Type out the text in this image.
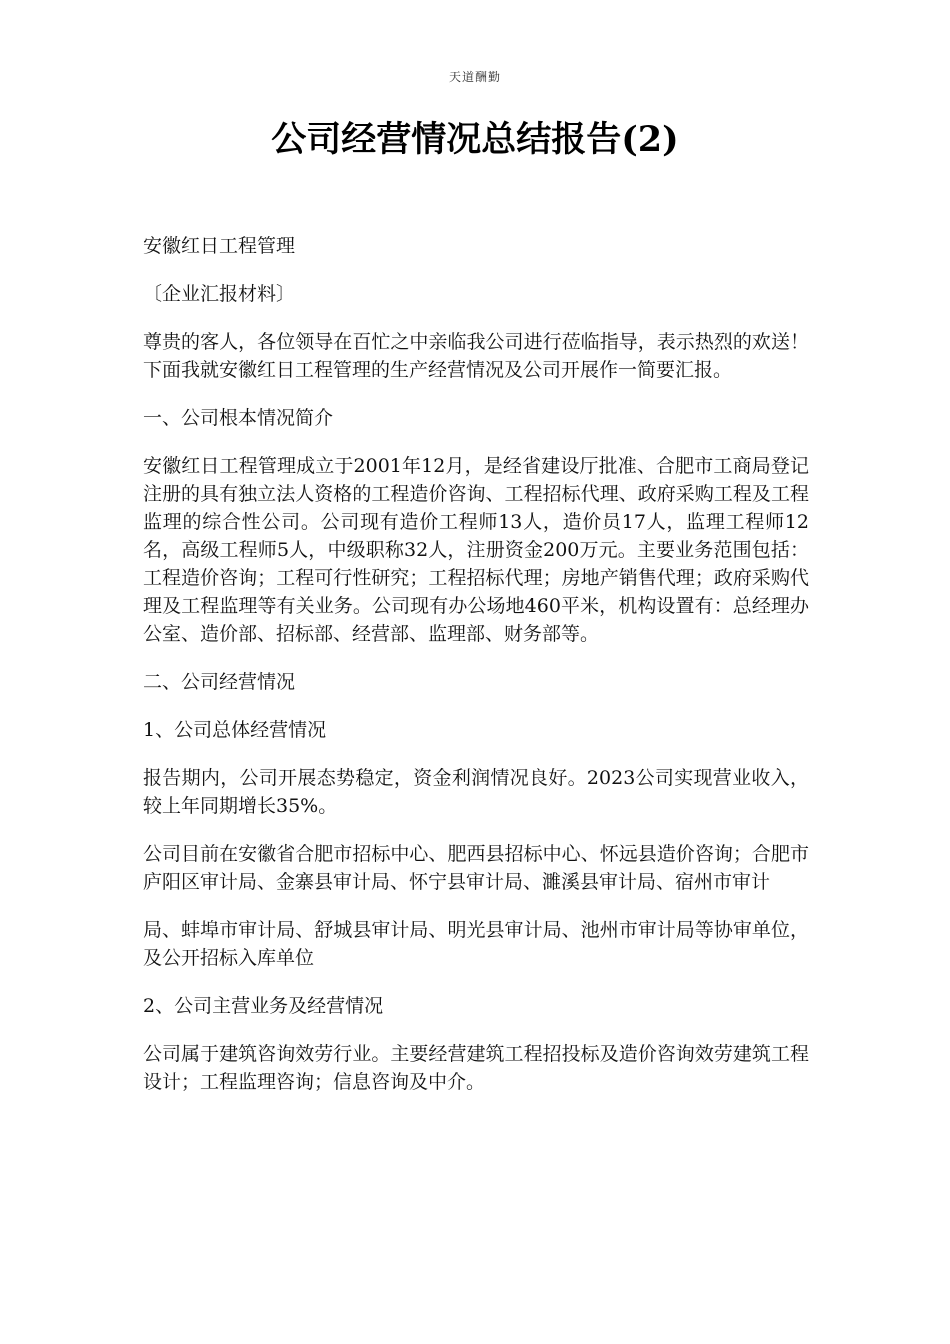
天道酬勤
公司经营情况总结报告(2)

安徽红日工程管理

〔企业汇报材料〕

尊贵的客人，各位领导在百忙之中亲临我公司进行莅临指导，表示热烈的欢送！下面我就安徽红日工程管理的生产经营情况及公司开展作一简要汇报。

一、公司根本情况简介

安徽红日工程管理成立于2001年12月，是经省建设厅批准、合肥市工商局登记注册的具有独立法人资格的工程造价咨询、工程招标代理、政府采购工程及工程监理的综合性公司。公司现有造价工程师13人，造价员17人，监理工程师12名，高级工程师5人，中级职称32人，注册资金200万元。主要业务范围包括：工程造价咨询；工程可行性研究；工程招标代理；房地产销售代理；政府采购代理及工程监理等有关业务。公司现有办公场地460平米，机构设置有：总经理办公室、造价部、招标部、经营部、监理部、财务部等。

二、公司经营情况

1、公司总体经营情况

报告期内，公司开展态势稳定，资金利润情况良好。2023公司实现营业收入，较上年同期增长35%。

公司目前在安徽省合肥市招标中心、肥西县招标中心、怀远县造价咨询；合肥市庐阳区审计局、金寨县审计局、怀宁县审计局、濉溪县审计局、宿州市审计

局、蚌埠市审计局、舒城县审计局、明光县审计局、池州市审计局等协审单位，及公开招标入库单位

2、公司主营业务及经营情况

公司属于建筑咨询效劳行业。主要经营建筑工程招投标及造价咨询效劳建筑工程设计；工程监理咨询；信息咨询及中介。
